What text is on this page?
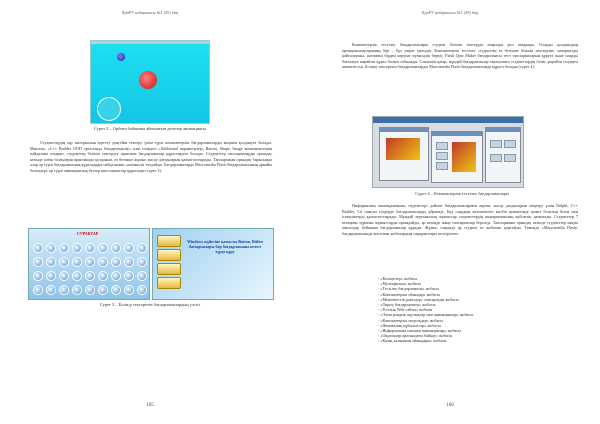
ҚазҰУ хабаршысы №1 (59) бақ
Сурет 2 – Орбита бойынша айналатын денелер анимациясы

Студенттердің оқу материалын зерттеу деңгейін тексеру үшін түрлі компьютерлік бағдарламаларды кеңінен қолдануға болады. Мысалы, «С++ Builder ООП ортасында бағдарламалау» пәні ішіндегі «Additional параметрлер» Button, Shape, Image компоненттерін пайдалана отырып, студенттер біліміп тексеруге арналған бағдарламалар құрастыруға болады. Студенттер тапсырмаларды орындау кезінде алған білімдерін практикада қолданып, өз бетінше жұмыс жасау дағдыларын қалыптастырады. Тапсырманы орындау барысында олар әр түрлі бағдарламалық құралдарды пайдаланып, нәтижесін талдайды. Бағдарламаларда Macromedia Flash бағдарламасының арнайы бөлімдері, әр түрлі анимациялық беттер мен сыныптар құрылады (сурет 3).

СУРАКТАР
Windows жүйесіне қатысты Button, Bitbtn батырмалары бар бағдарламаны келесі түрде құру
Сурет 3 – Білімді тексеретін бағдарламалардың үлгісі
165
ҚазҰУ хабаршысы №1 (59) бақ

Компьютерлік тестілеу бағдарламалары студент білімін тексеруде маңызды рөл атқарады. Оларды қолданудың артықшылықтарының бірі – бұл уақыт үнемдеу. Компьютерлік тестілеу студенттің өз бетінше білімін тексеруіне, материалды қайталауына, нәтижені бірден көруіне мүмкіндік береді. Flash Quiz Maker бағдарламасы тест тапсырмаларын құруға және оларды бағалауға ыңғайлы құрал болып табылады. Сонымен қатар, мұндай бағдарламалар оқытушыға студенттердің білім деңгейін талдауға көмектеседі. Білімді тексеретін бағдарламаларды Macromedia Flash бағдарламасында құруға болады (сурет 4).

Сурет 4 – Компьютерлік тестілеу бағдарламалары

Информатика мамандығының студенттері дәйекті бағдарламалармен жұмыс жасау дағдыларын меңгеру үшін Delphi, C++ Builder, C# сияқты тілдерде бағдарламалауды үйренеді. Бұл олардың келешектегі кәсіби қызметінде қажет болатын білім мен іскерліктерді қалыптастырады. Мұндай зертханалық жұмыстар студенттердің шығармашылық қабілетін дамытады. Студенттер 7 кезеңнен тұратын жұмыстарды орындайды, әр кезеңде жаңа тапсырмалар беріледі. Тапсырманы орындау кезінде студенттер нақты мысалдар бойынша бағдарламалар құрады. Жұмыс соңында әр студент өз жобасын қорғайды. Төменде «Macromedia Flash» бағдарламасында жасалған жобалардың тақырыптары келтірілген:

- «Кольцелер» жобасы
- «Мультфильм» жобасы
- «Тестілеу бағдарламасы» жобасы
- «Компьютерлік ойындар» жобасы
- «Мемлекеттік рәміздер» электронды жобасы
- «Оқыту бағдарламасы» жобасы
- «Ұлттық Web-сайты» жобасы
- «Электрондық оқулықтар мен анимациялар» жобасы
- «Компьютерлік модельдер» жобасы
- «Физикалық құбылыстар» жобасы
- «Информатика пәнінен анимациялар» жобасы
- «Оқушылар арасындағы байқау» жобасы
- «Қазақ халқының ойындары» жобасы
166
